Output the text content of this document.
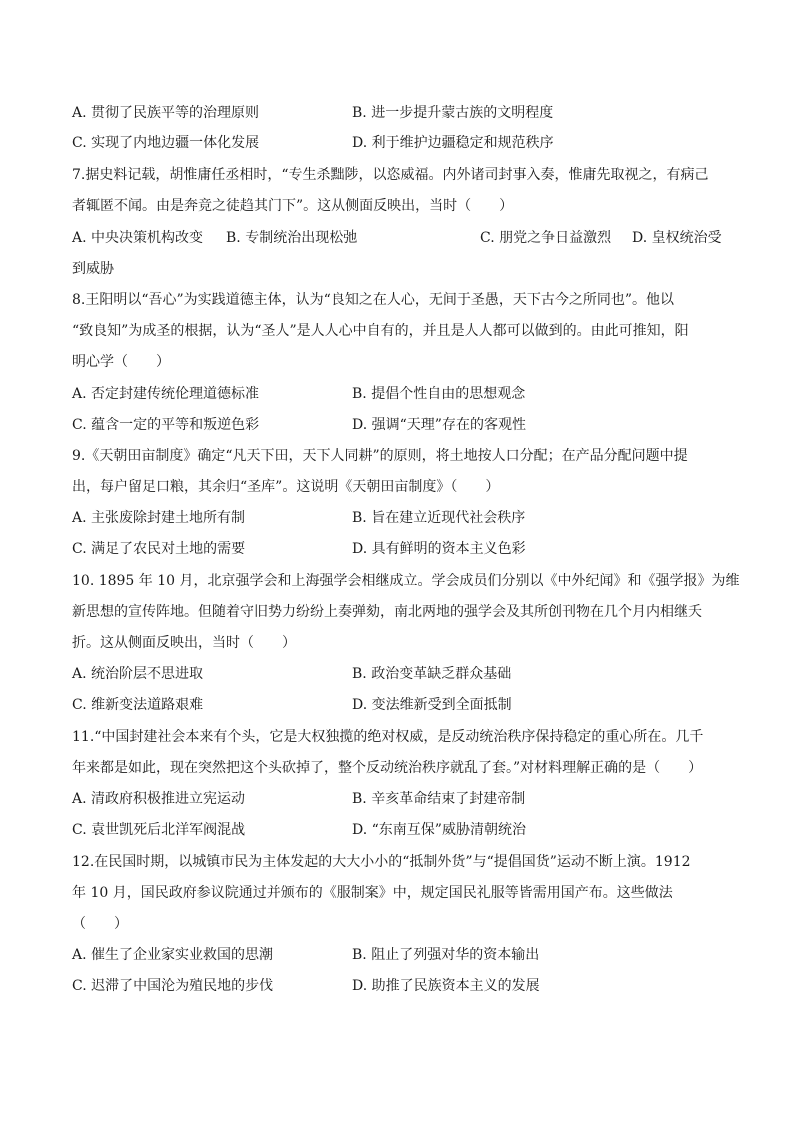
A. 贯彻了民族平等的治理原则	B. 进一步提升蒙古族的文明程度
C. 实现了内地边疆一体化发展	D. 利于维护边疆稳定和规范秩序
7.据史料记载，胡惟庸任丞相时，“专生杀黜陟，以恣威福。内外诸司封事入奏，惟庸先取视之，有病己
者辄匿不闻。由是奔竞之徒趋其门下”。这从侧面反映出，当时（　　）
A. 中央决策机构改变 B. 专制统治出现松弛	C. 朋党之争日益激烈 D. 皇权统治受
到威胁
8.王阳明以“吾心”为实践道德主体，认为“良知之在人心，无间于圣愚，天下古今之所同也”。他以
“致良知”为成圣的根据，认为“圣人”是人人心中自有的，并且是人人都可以做到的。由此可推知，阳
明心学（　　）
A. 否定封建传统伦理道德标准	B. 提倡个性自由的思想观念
C. 蕴含一定的平等和叛逆色彩	D. 强调“天理”存在的客观性
9.《天朝田亩制度》确定“凡天下田，天下人同耕”的原则，将土地按人口分配；在产品分配问题中提
出，每户留足口粮，其余归“圣库”。这说明《天朝田亩制度》（　　）
A. 主张废除封建土地所有制	B. 旨在建立近现代社会秩序
C. 满足了农民对土地的需要	D. 具有鲜明的资本主义色彩
10. 1895 年 10 月，北京强学会和上海强学会相继成立。学会成员们分别以《中外纪闻》和《强学报》为维
新思想的宣传阵地。但随着守旧势力纷纷上奏弹劾，南北两地的强学会及其所创刊物在几个月内相继夭
折。这从侧面反映出，当时（　　）
A. 统治阶层不思进取	B. 政治变革缺乏群众基础
C. 维新变法道路艰难	D. 变法维新受到全面抵制
11.“中国封建社会本来有个头，它是大权独揽的绝对权威，是反动统治秩序保持稳定的重心所在。几千
年来都是如此，现在突然把这个头砍掉了，整个反动统治秩序就乱了套。”对材料理解正确的是（　　）
A. 清政府积极推进立宪运动	B. 辛亥革命结束了封建帝制
C. 袁世凯死后北洋军阀混战	D. “东南互保”威胁清朝统治
12.在民国时期，以城镇市民为主体发起的大大小小的“抵制外货”与“提倡国货”运动不断上演。1912
年 10 月，国民政府参议院通过并颁布的《服制案》中，规定国民礼服等皆需用国产布。这些做法
（　　）
A. 催生了企业家实业救国的思潮	B. 阻止了列强对华的资本输出
C. 迟滞了中国沦为殖民地的步伐	D. 助推了民族资本主义的发展
